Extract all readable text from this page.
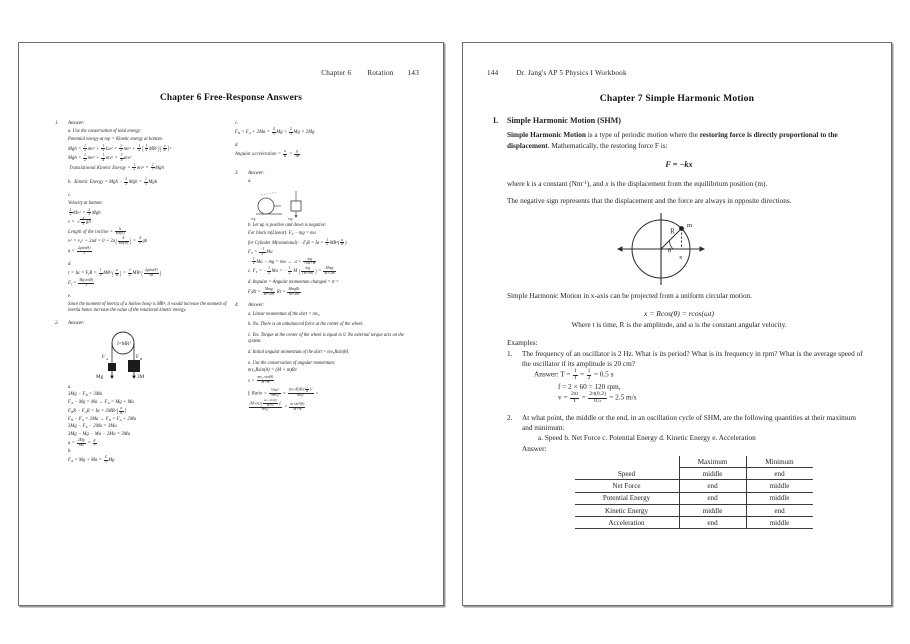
Chapter 6 Rotation 143
Chapter 6 Free-Response Answers
1. Answer:
a. Use the conservation of total energy:
Potential energy at top = Kinetic energy at bottom.
Mgh = $\frac{1}{2} mv^2 + \frac{1}{2} I\omega^2 = \frac{1}{2} mv^2 + \frac{1}{2}$ ( $\frac{1}{2} MR^2)( \frac{v}{R} )^2$
Mgh = $\frac{1}{2} mv^2 + \frac{1}{4} mv^2 = \frac{3}{4} mv^2$
Translational Kinetic Energy = $\frac{1}{2} mv^2 = \frac{2}{3}$ Mgh
b.  Kinetic Energy = Mgh − $\frac{2}{3}$ Mgh = $\frac{1}{3}$ Mgh
c.
Velocity at bottom:
$\frac{1}{2} Mv^2 = \frac{2}{3}$ Mgh
v =  √ $\frac{4}{3}$ gh
Length of the incline = $\frac{h}{\sin(\theta)}$
$v^2 = v0^2 + 2ad = 0 + 2a( \frac{h}{\sin(\theta)}$ ) = $\frac{4}{3}$ gh
$a = \frac{2gsin(\theta)}{3}$
d.
τ = Iα = FfR = $\frac{1}{2} MR^2( \frac{a}{R}$ ) = $\frac{1}{2} MR^2( \frac{2gsin(\theta)}{3R}$ )
$Ff = \frac{Mgsin(\theta)}{3}$
e.
Since the moment of inertia of a hollow hoop is MR², it would increase the moment of inertia hence increase the value of the rotational kinetic energy.
2. Answer:
I=MR²
F A	F B
Mg	3M
a.
3Mg − FB = 3Ma
FA − Mg = Ma → FA = Mg + Ma
FBR − FAR = $I\alpha = 2MR^2( \frac{a}{R}$ )
FB − FA = 2Ma → FB = FA + 2Ma
3Mg − FA − 2Ma = 3Ma
3Mg − Mg − Ma − 2Ma = 3Ma
$a = \frac{2Mg}{6M} = \frac{g}{3}$
b.
FA = $Mg + Ma = \frac{4}{3}$ Mg
c.
FB = FA + $2Ma = \frac{4}{3}$ $Mg + \frac{2}{3}$ Mg = 2Mg
d.
Angular acceleration = $\frac{a}{R} = \frac{g}{3R}$
3. Answer:
a.
mg	mg
b. Let up is positive and down is negative:
For block m(Linear): FT − mg = ma
for Cylinder M(rotational): $-FfR = I\alpha = \frac{1}{2} MR^2( \frac{a}{R}$ )
FT = $\frac{-1}{2}$ Ma
− $\frac{1}{2}$ Ma − mg = ma →  $a = \frac{mg}{\text{½M+m}}$
c. FT = − $\frac{1}{2}$ Ma = − $\frac{1}{2}$ M ( $\frac{mg}{(M+m)}$ ) =
Mmg
M+2m
d. Impulse = Angular momentum changed = τt =
FtRt =
Mmg
M+2m Rt =
MmgRt
M+2m
4. Answer:
a. Linear momentum of the dart = mv₀
b. No. There is an unbalanced force at the center of the wheel.
c. Yes. Torque at the center of the wheel is equal to 0. No external torque acts on the system.
d. Initial angular momentum of the dart = mv₀Rsin(θ).
e. Use the conservation of angular momentum:
mvoRsin(θ) = (M + m)Rv
v =
mvo sin(θ)
M+m
f. Ratio = $\frac{\frac{1}{2}I\omega^2}{\frac{1}{2}mv0^2} = \frac{(m+M)R^2( \frac{v}{R} )^2}{mv0^2}$ =
(M+m)( mvo sin(θ)
M+m	)$^2$
$mv0^2$	= $\frac{m \sin^2(\theta)}{M+m}$
144	Dr. Jang's AP 5 Physics I Workbook
Chapter 7 Simple Harmonic Motion
I. Simple Harmonic Motion (SHM)
Simple Harmonic Motion is a type of periodic motion where the restoring force is directly proportional to the displacement. Mathematically, the restoring force F is:
F = −kx
where k is a constant $(Nm^{-1})$, and x is the displacement from the equilibrium position (m).
The negative sign represents that the displacement and the force are always in opposite directions.
R
θ
x
m
Simple Harmonic Motion in x-axis can be projected from a uniform circular motion.
x = Rcos(θ) = rcos(ωt)
Where t is time, R is the amplitude, and ω is the constant angular velocity.
Examples:
1. The frequency of an oscillator is 2 Hz. What is its period? What is its frequency in rpm? What is the average speed of the oscillator if its amplitude is 20 cm?
Answer: $T = \frac{1}{f} = \frac{1}{2} = 0.5$ s
f = 2 × 60 = 120 rpm,
$v = \frac{2\pi r}{T} = \frac{2\pi(0.2)}{0.5} = 2.5$ m/s
2. At what point, the middle or the end, in an oscillation cycle of SHM, are the following quantities at their maximum and minimum:
a. Speed b. Net Force c. Potential Energy d. Kinetic Energy e. Acceleration
Answer:
	Maximum	Minimum
Speed	middle	end
Net Force	end	middle
Potential Energy	end	middle
Kinetic Energy	middle	end
Acceleration	end	middle
